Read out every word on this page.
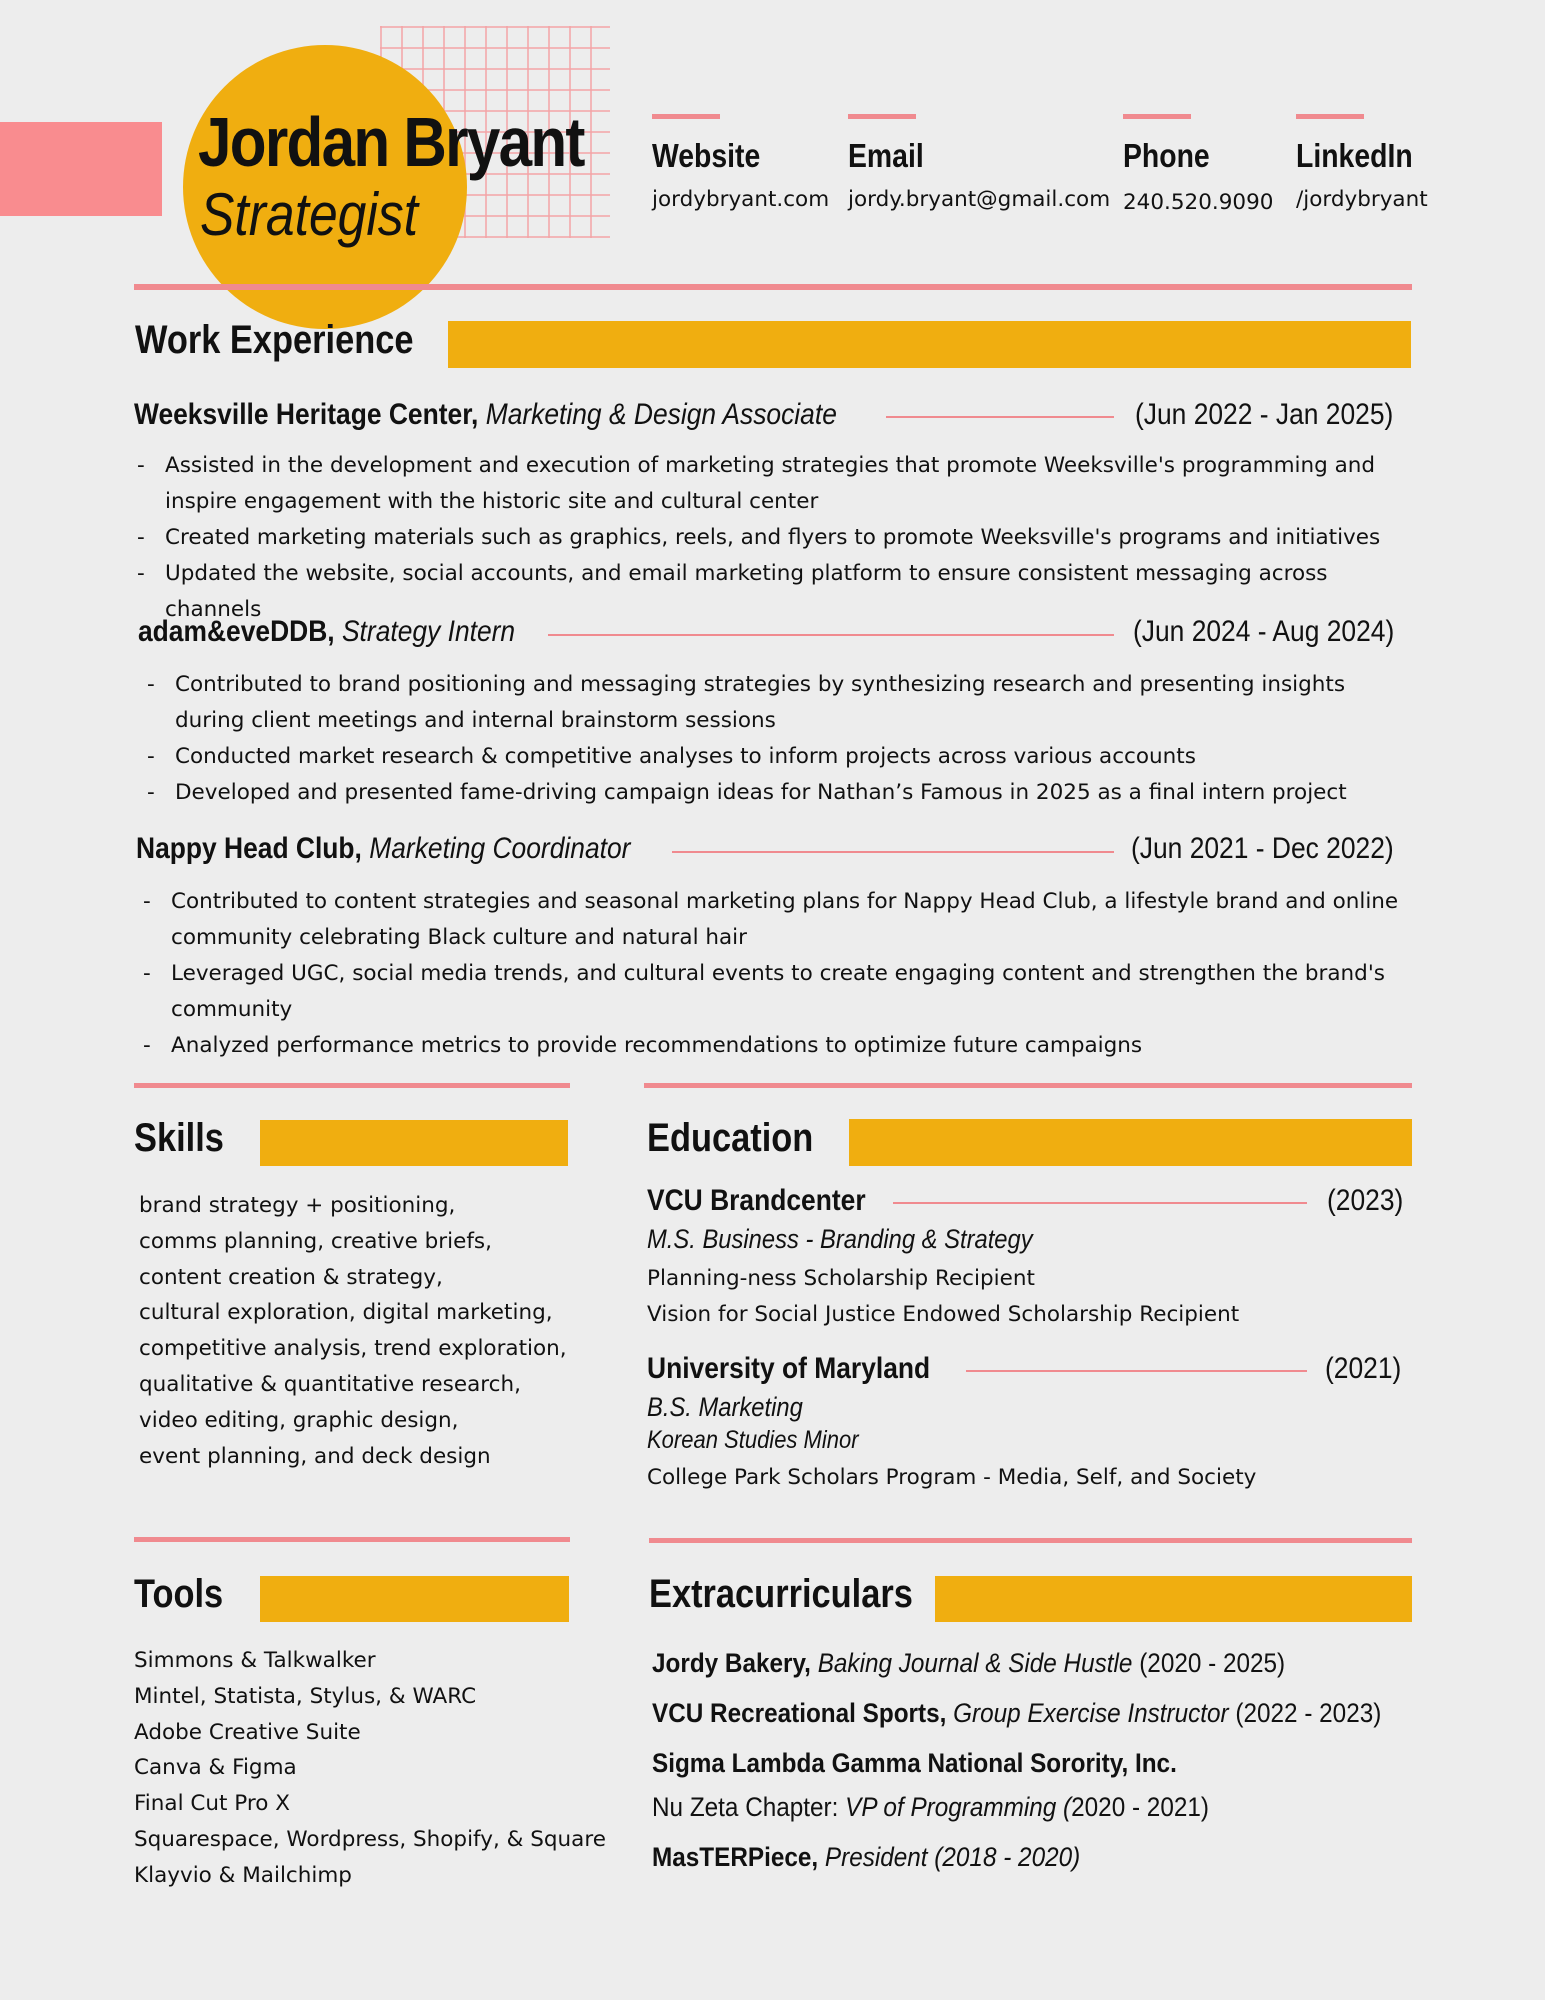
Jordan Bryant
Strategist
Website
jordybryant.com
Email
jordy.bryant@gmail.com
Phone
240.520.9090
LinkedIn
/jordybryant
Work Experience
Weeksville Heritage Center, Marketing & Design Associate	(Jun 2022 - Jan 2025)
- Assisted in the development and execution of marketing strategies that promote Weeksville's programming and inspire engagement with the historic site and cultural center
- Created marketing materials such as graphics, reels, and flyers to promote Weeksville's programs and initiatives
- Updated the website, social accounts, and email marketing platform to ensure consistent messaging across channels
adam&eveDDB, Strategy Intern	(Jun 2024 - Aug 2024)
- Contributed to brand positioning and messaging strategies by synthesizing research and presenting insights during client meetings and internal brainstorm sessions
- Conducted market research & competitive analyses to inform projects across various accounts
- Developed and presented fame-driving campaign ideas for Nathan’s Famous in 2025 as a final intern project
Nappy Head Club, Marketing Coordinator	(Jun 2021 - Dec 2022)
- Contributed to content strategies and seasonal marketing plans for Nappy Head Club, a lifestyle brand and online community celebrating Black culture and natural hair
- Leveraged UGC, social media trends, and cultural events to create engaging content and strengthen the brand's community
- Analyzed performance metrics to provide recommendations to optimize future campaigns
Skills
brand strategy + positioning,
comms planning, creative briefs,
content creation & strategy,
cultural exploration, digital marketing,
competitive analysis, trend exploration,
qualitative & quantitative research,
video editing, graphic design,
event planning, and deck design
Tools
Simmons & Talkwalker
Mintel, Statista, Stylus, & WARC
Adobe Creative Suite
Canva & Figma
Final Cut Pro X
Squarespace, Wordpress, Shopify, & Square
Klayvio & Mailchimp
Education
VCU Brandcenter	(2023)
M.S. Business - Branding & Strategy
Planning-ness Scholarship Recipient
Vision for Social Justice Endowed Scholarship Recipient
University of Maryland	(2021)
B.S. Marketing
Korean Studies Minor
College Park Scholars Program - Media, Self, and Society
Extracurriculars
Jordy Bakery, Baking Journal & Side Hustle (2020 - 2025)
VCU Recreational Sports, Group Exercise Instructor (2022 - 2023)
Sigma Lambda Gamma National Sorority, Inc.
Nu Zeta Chapter: VP of Programming (2020 - 2021)
MasTERPiece, President (2018 - 2020)
